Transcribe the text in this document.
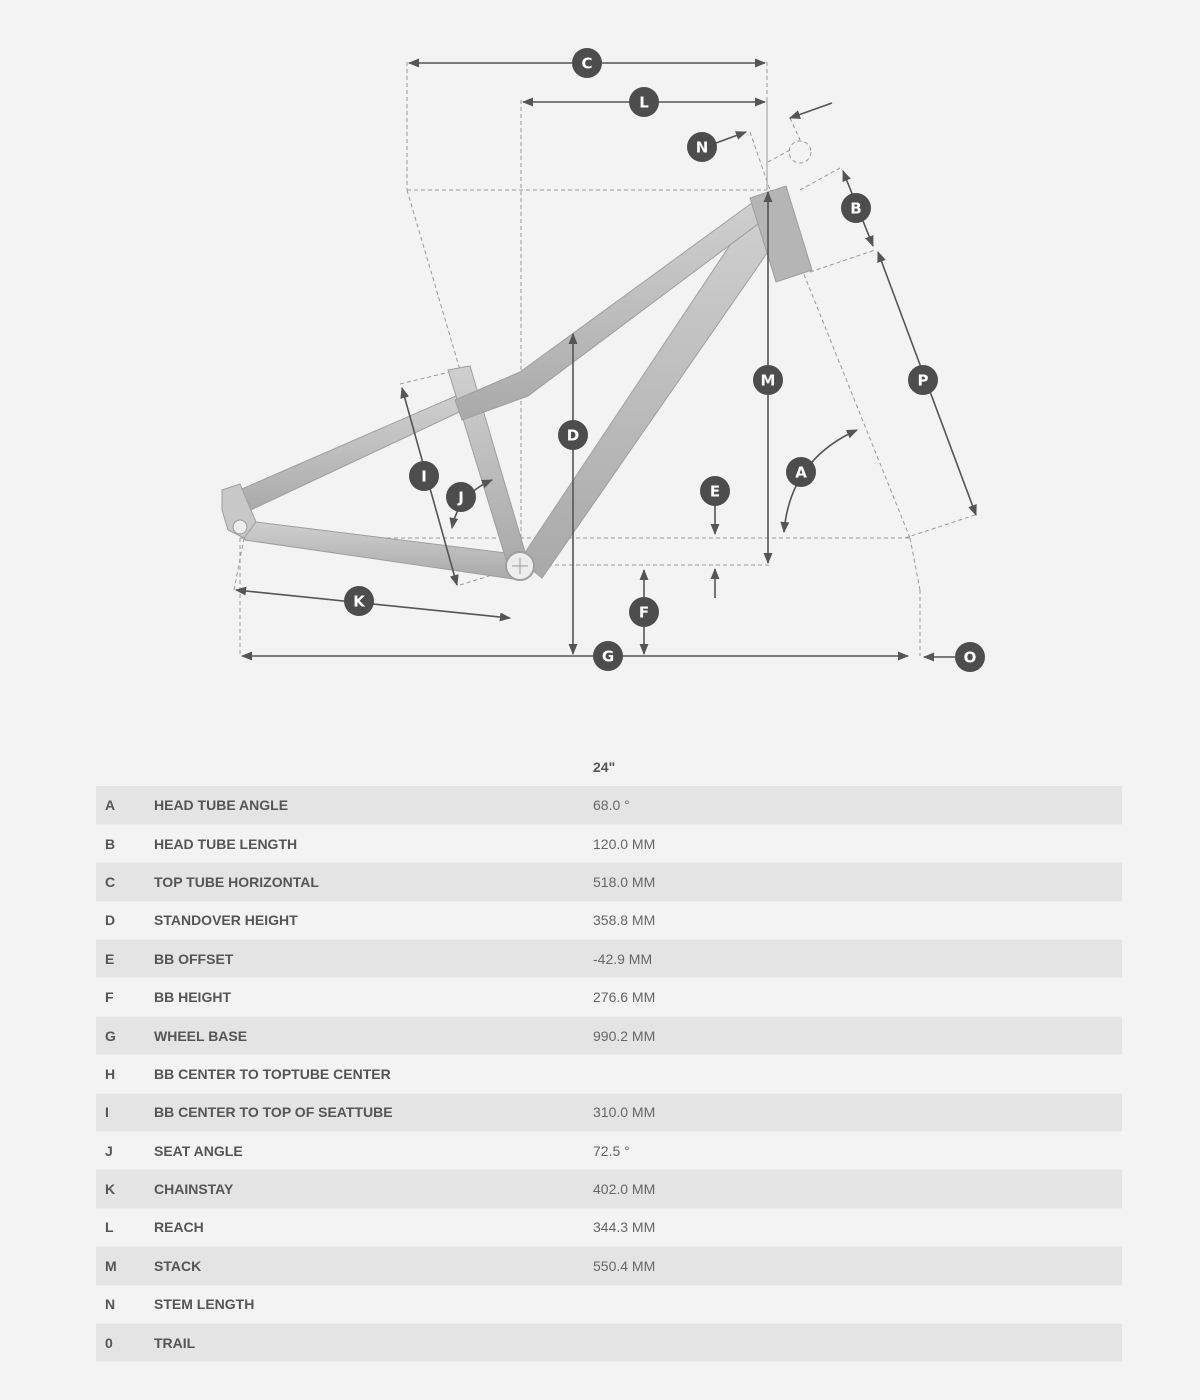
C
L
N
B
M	P
D
A
E
I
J
K
F
G	O
		24"
A	HEAD TUBE ANGLE	68.0 °
B	HEAD TUBE LENGTH	120.0 MM
C	TOP TUBE HORIZONTAL	518.0 MM
D	STANDOVER HEIGHT	358.8 MM
E	BB OFFSET	-42.9 MM
F	BB HEIGHT	276.6 MM
G	WHEEL BASE	990.2 MM
H	BB CENTER TO TOPTUBE CENTER	
I	BB CENTER TO TOP OF SEATTUBE	310.0 MM
J	SEAT ANGLE	72.5 °
K	CHAINSTAY	402.0 MM
L	REACH	344.3 MM
M	STACK	550.4 MM
N	STEM LENGTH	
0	TRAIL	
